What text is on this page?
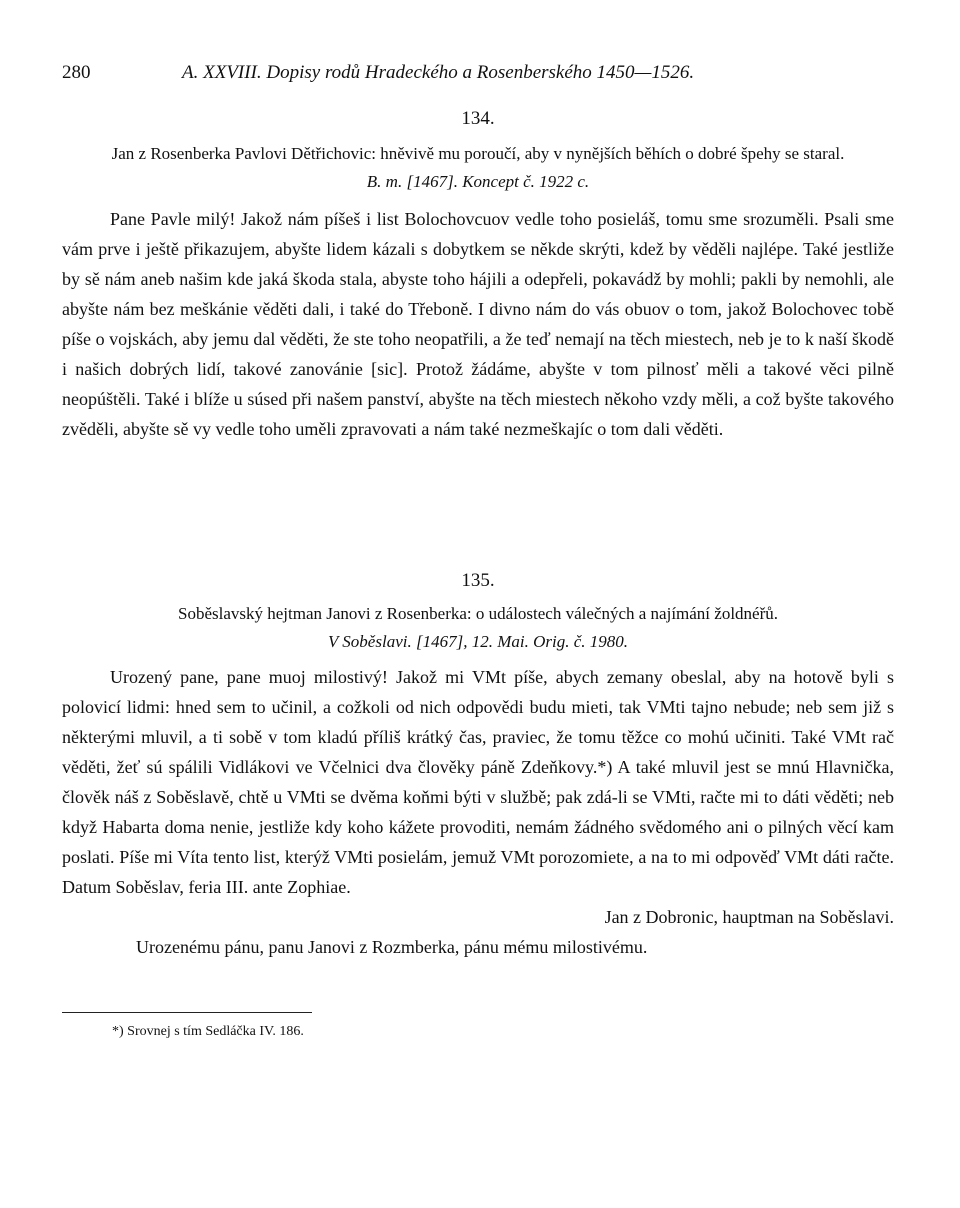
280	A. XXVIII. Dopisy rodů Hradeckého a Rosenberského 1450—1526.
134.
Jan z Rosenberka Pavlovi Dětřichovic: hněvivě mu poroučí, aby v nynějších běhích o dobré špehy se staral.
B. m. [1467]. Koncept č. 1922 c.

Pane Pavle milý! Jakož nám píšeš i list Bolochovcuov vedle toho posieláš, tomu sme srozuměli. Psali sme vám prve i ještě přikazujem, abyšte lidem kázali s dobytkem se někde skrýti, kdež by věděli najlépe. Také jestliže by sě nám aneb našim kde jaká škoda stala, abyste toho hájili a odepřeli, pokavádž by mohli; pakli by nemohli, ale abyšte nám bez meškánie věděti dali, i také do Třeboně. I divno nám do vás obuov o tom, jakož Bolochovec tobě píše o vojskách, aby jemu dal věděti, že ste toho neopatřili, a že teď nemají na těch miestech, neb je to k naší škodě i našich dobrých lidí, takové zanovánie [sic]. Protož žádáme, abyšte v tom pilnosť měli a takové věci pilně neopúštěli. Také i blíže u súsed při našem panství, abyšte na těch miestech někoho vzdy měli, a což byšte takového zvěděli, abyšte sě vy vedle toho uměli zpravovati a nám také nezmeškajíc o tom dali věděti.

135.
Soběslavský hejtman Janovi z Rosenberka: o událostech válečných a najímání žoldnéřů.
V Soběslavi. [1467], 12. Mai. Orig. č. 1980.

Urozený pane, pane muoj milostivý! Jakož mi VMt píše, abych zemany obeslal, aby na hotově byli s polovicí lidmi: hned sem to učinil, a cožkoli od nich odpovědi budu mieti, tak VMti tajno nebude; neb sem již s některými mluvil, a ti sobě v tom kladú příliš krátký čas, praviec, že tomu těžce co mohú učiniti. Také VMt rač věděti, žeť sú spálili Vidlákovi ve Včelnici dva člověky páně Zdeňkovy.*) A také mluvil jest se mnú Hlavnička, člověk náš z Soběslavě, chtě u VMti se dvěma koňmi býti v službě; pak zdá-li se VMti, račte mi to dáti věděti; neb když Habarta doma nenie, jestliže kdy koho kážete provoditi, nemám žádného svědomého ani o pilných věcí kam poslati. Píše mi Víta tento list, kterýž VMti posielám, jemuž VMt porozomiete, a na to mi odpověď VMt dáti račte. Datum Soběslav, feria III. ante Zophiae.

Jan z Dobronic, hauptman na Soběslavi.

Urozenému pánu, panu Janovi z Rozmberka, pánu mému milostivému.

*) Srovnej s tím Sedláčka IV. 186.
